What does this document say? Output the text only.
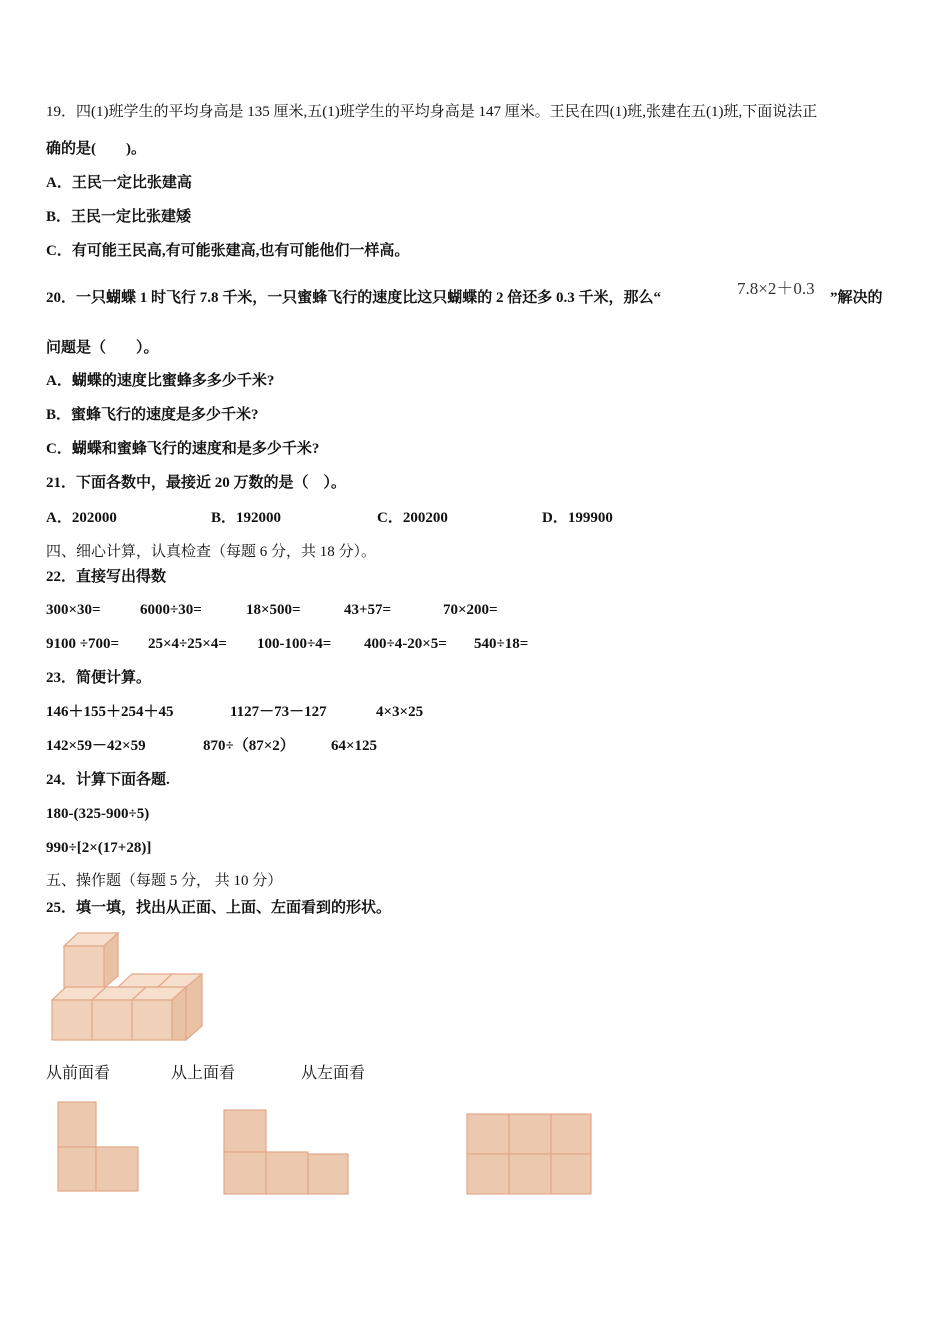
19．四(1)班学生的平均身高是 135 厘米,五(1)班学生的平均身高是 147 厘米。王民在四(1)班,张建在五(1)班,下面说法正
确的是(　　)。
A．王民一定比张建高
B．王民一定比张建矮
C．有可能王民高,有可能张建高,也有可能他们一样高。
20．一只蝴蝶 1 时飞行 7.8 千米，一只蜜蜂飞行的速度比这只蝴蝶的 2 倍还多 0.3 千米，那么“	7.8×2＋0.3 ”解决的
问题是（　　）。
A．蝴蝶的速度比蜜蜂多多少千米?
B．蜜蜂飞行的速度是多少千米?
C．蝴蝶和蜜蜂飞行的速度和是多少千米?
21．下面各数中，最接近 20 万数的是（　）。
A．202000	B．192000	C．200200	D．199900
四、细心计算，认真检查（每题 6 分，共 18 分）。
22．直接写出得数
300×30=	6000÷30=	18×500=	43+57=	70×200=
9100 ÷700= 25×4÷25×4= 100-100÷4= 400÷4-20×5= 540÷18=
23．简便计算。
146＋155＋254＋45	1127－73－127	4×3×25
142×59－42×59	870÷（87×2） 64×125
24．计算下面各题.
180-(325-900÷5)
990÷[2×(17+28)]
五、操作题（每题 5 分， 共 10 分）
25．填一填，找出从正面、上面、左面看到的形状。
从前面看	从上面看	从左面看
